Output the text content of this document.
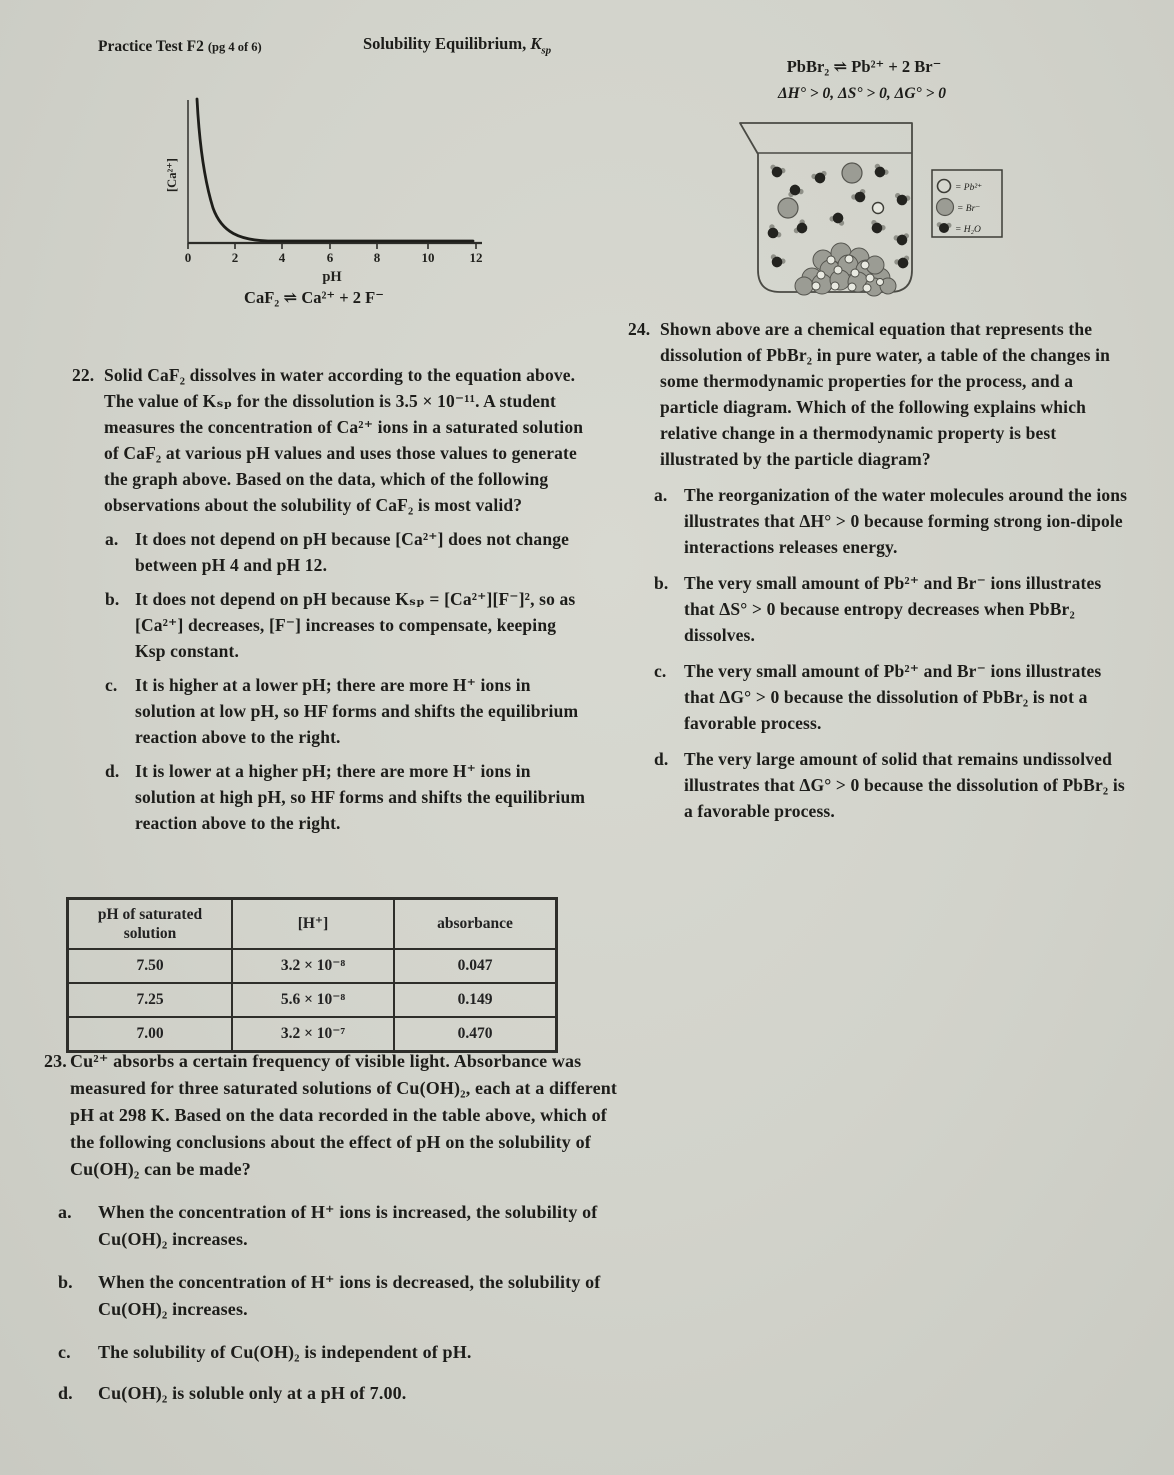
Practice Test F2 (pg 4 of 6)	Solubility Equilibrium, $K_{sp}$
0	2	4	6	8	10	12
pH
[Ca²⁺]
CaF₂ ⇌ Ca²⁺ + 2 F⁻
PbBr₂ ⇌ Pb²⁺ + 2 Br⁻
ΔH° > 0, ΔS° > 0, ΔG° > 0
= Pb²⁺
= Br⁻
= H₂O
22. Solid CaF₂ dissolves in water according to the equation above. The value of Kₛₚ for the dissolution is 3.5 × 10⁻¹¹. A student measures the concentration of Ca²⁺ ions in a saturated solution of CaF₂ at various pH values and uses those values to generate the graph above. Based on the data, which of the following observations about the solubility of CaF₂ is most valid?
a. It does not depend on pH because [Ca²⁺] does not change between pH 4 and pH 12.
b. It does not depend on pH because Kₛₚ = [Ca²⁺][F⁻]², so as [Ca²⁺] decreases, [F⁻] increases to compensate, keeping Ksp constant.
c.	It is higher at a lower pH; there are more H⁺ ions in solution at low pH, so HF forms and shifts the equilibrium reaction above to the right.
d. It is lower at a higher pH; there are more H⁺ ions in solution at high pH, so HF forms and shifts the equilibrium reaction above to the right.
24. Shown above are a chemical equation that represents the dissolution of PbBr₂ in pure water, a table of the changes in some thermodynamic properties for the process, and a particle diagram. Which of the following explains which relative change in a thermodynamic property is best illustrated by the particle diagram?
a. The reorganization of the water molecules around the ions illustrates that ΔH° > 0 because forming strong ion-dipole interactions releases energy.
b. The very small amount of Pb²⁺ and Br⁻ ions illustrates that ΔS° > 0 because entropy decreases when PbBr₂ dissolves.
c.	The very small amount of Pb²⁺ and Br⁻ ions illustrates that ΔG° > 0 because the dissolution of PbBr₂ is not a favorable process.
d. The very large amount of solid that remains undissolved illustrates that ΔG° > 0 because the dissolution of PbBr₂ is a favorable process.
pH of saturated solution	[H⁺]	absorbance
7.50	3.2 × 10⁻⁸	0.047
7.25	5.6 × 10⁻⁸	0.149
7.00	3.2 × 10⁻⁷	0.470
23. Cu²⁺ absorbs a certain frequency of visible light. Absorbance was measured for three saturated solutions of Cu(OH)₂, each at a different pH at 298 K. Based on the data recorded in the table above, which of the following conclusions about the effect of pH on the solubility of Cu(OH)₂ can be made?
a.	When the concentration of H⁺ ions is increased, the solubility of Cu(OH)₂ increases.
b.	When the concentration of H⁺ ions is decreased, the solubility of Cu(OH)₂ increases.
c.	The solubility of Cu(OH)₂ is independent of pH.
d.	Cu(OH)₂ is soluble only at a pH of 7.00.
